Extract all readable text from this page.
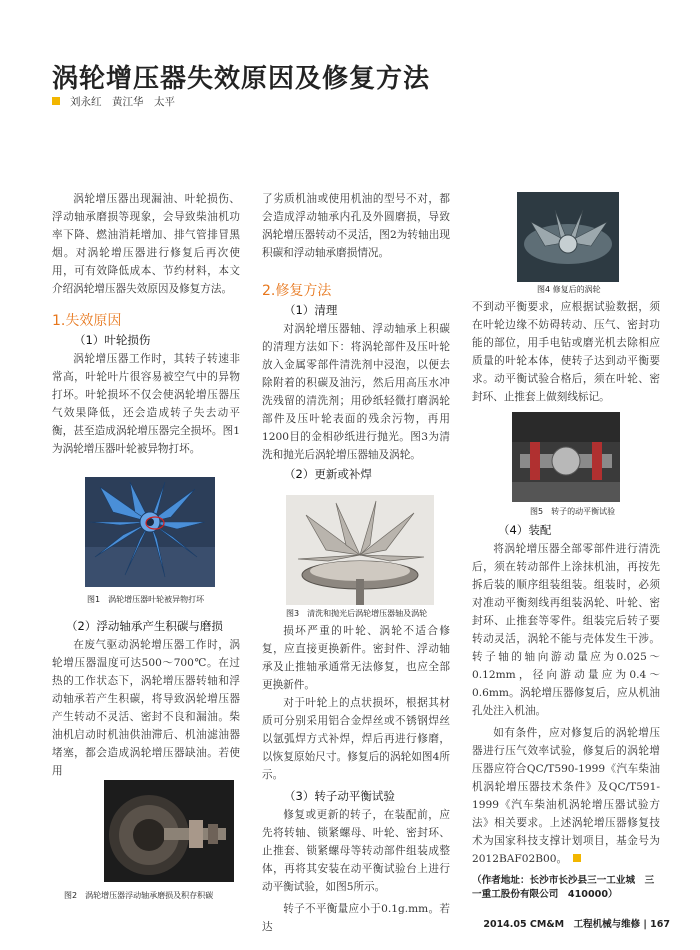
涡轮增压器失效原因及修复方法
刘永红　黄江华　太平

涡轮增压器出现漏油、叶轮损伤、浮动轴承磨损等现象，会导致柴油机功率下降、燃油消耗增加、排气管排冒黑烟。对涡轮增压器进行修复后再次使用，可有效降低成本、节约材料，本文介绍涡轮增压器失效原因及修复方法。

1.失效原因
（1）叶轮损伤

涡轮增压器工作时，其转子转速非常高，叶轮叶片很容易被空气中的异物打坏。叶轮损坏不仅会使涡轮增压器压气效果降低，还会造成转子失去动平衡，甚至造成涡轮增压器完全损坏。图1为涡轮增压器叶轮被异物打坏。

图1　涡轮增压器叶轮被异物打坏
（2）浮动轴承产生积碳与磨损

在废气驱动涡轮增压器工作时，涡轮增压器温度可达500～700℃。在过热的工作状态下，涡轮增压器转轴和浮动轴承若产生积碳，将导致涡轮增压器产生转动不灵活、密封不良和漏油。柴油机启动时机油供油滞后、机油滤油器堵塞，都会造成涡轮增压器缺油。若使用

图2　涡轮增压器浮动轴承磨损及积存积碳

了劣质机油或使用机油的型号不对，都会造成浮动轴承内孔及外圆磨损，导致涡轮增压器转动不灵活，图2为转轴出现积碳和浮动轴承磨损情况。

2.修复方法
（1）清理

对涡轮增压器轴、浮动轴承上积碳的清理方法如下：将涡轮部件及压叶轮放入金属零部件清洗剂中浸泡，以便去除附着的积碳及油污，然后用高压水冲洗残留的清洗剂；用砂纸轻微打磨涡轮部件及压叶轮表面的残余污物，再用1200目的金相砂纸进行抛光。图3为清洗和抛光后涡轮增压器轴及涡轮。

（2）更新或补焊
图3　清洗和抛光后涡轮增压器轴及涡轮

损坏严重的叶轮、涡轮不适合修复，应直接更换新件。密封件、浮动轴承及止推轴承通常无法修复，也应全部更换新件。

对于叶轮上的点状损坏，根据其材质可分别采用铝合金焊丝或不锈钢焊丝以氩弧焊方式补焊，焊后再进行修磨，以恢复原始尺寸。修复后的涡轮如图4所示。

（3）转子动平衡试验

修复或更新的转子，在装配前，应先将转轴、锁紧螺母、叶轮、密封环、止推套、锁紧螺母等转动部件组装成整体，再将其安装在动平衡试验台上进行动平衡试验，如图5所示。

转子不平衡量应小于0.1g.mm。若达

图4 修复后的涡轮

不到动平衡要求，应根据试验数据，须在叶轮边缘不妨碍转动、压气、密封功能的部位，用手电钻或磨光机去除相应质量的叶轮本体，使转子达到动平衡要求。动平衡试验合格后，须在叶轮、密封环、止推套上做刻线标记。

图5　转子的动平衡试验
（4）装配

将涡轮增压器全部零部件进行清洗后，须在转动部件上涂抹机油，再按先拆后装的顺序组装组装。组装时，必须对准动平衡刻线再组装涡轮、叶轮、密封环、止推套等零件。组装完后转子要转动灵活，涡轮不能与壳体发生干涉。转子轴的轴向游动量应为0.025～0.12mm，径向游动量应为0.4～0.6mm。涡轮增压器修复后，应从机油孔处注入机油。

如有条件，应对修复后的涡轮增压器进行压气效率试验，修复后的涡轮增压器应符合QC/T590-1999《汽车柴油机涡轮增压器技术条件》及QC/T591-1999《汽车柴油机涡轮增压器试验方法》相关要求。上述涡轮增压器修复技术为国家科技支撑计划项目，基金号为2012BAF02B00。

（作者地址：长沙市长沙县三一工业城　三一重工股份有限公司　410000）
2014.05 CM&M　工程机械与维修 | 167
